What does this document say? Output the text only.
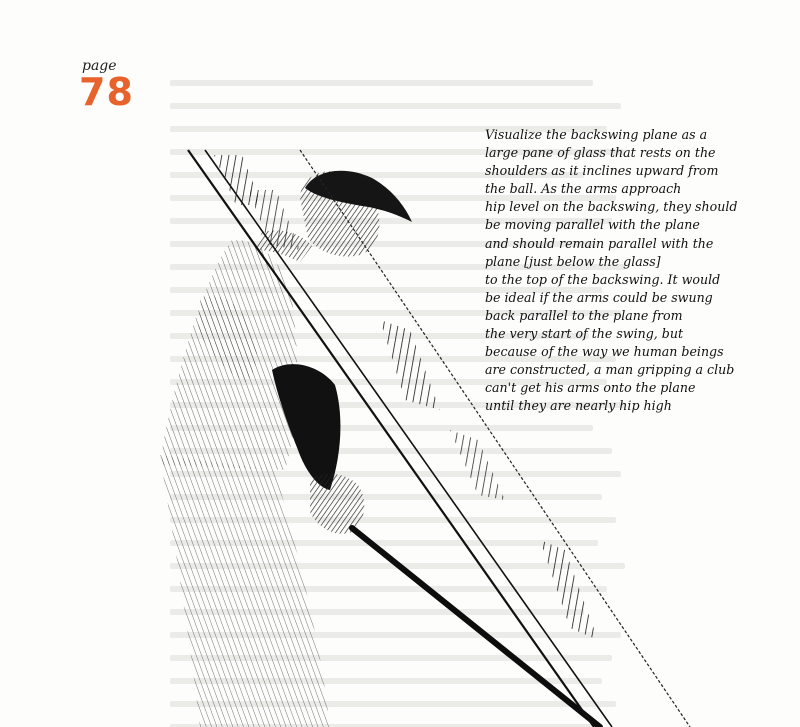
page

78

Visualize the backswing plane as a
large pane of glass that rests on the
shoulders as it inclines upward from
the ball. As the arms approach
hip level on the backswing, they should
be moving parallel with the plane
and should remain parallel with the
plane [just below the glass]
to the top of the backswing. It would
be ideal if the arms could be swung
back parallel to the plane from
the very start of the swing, but
because of the way we human beings
are constructed, a man gripping a club
can't get his arms onto the plane
until they are nearly hip high
